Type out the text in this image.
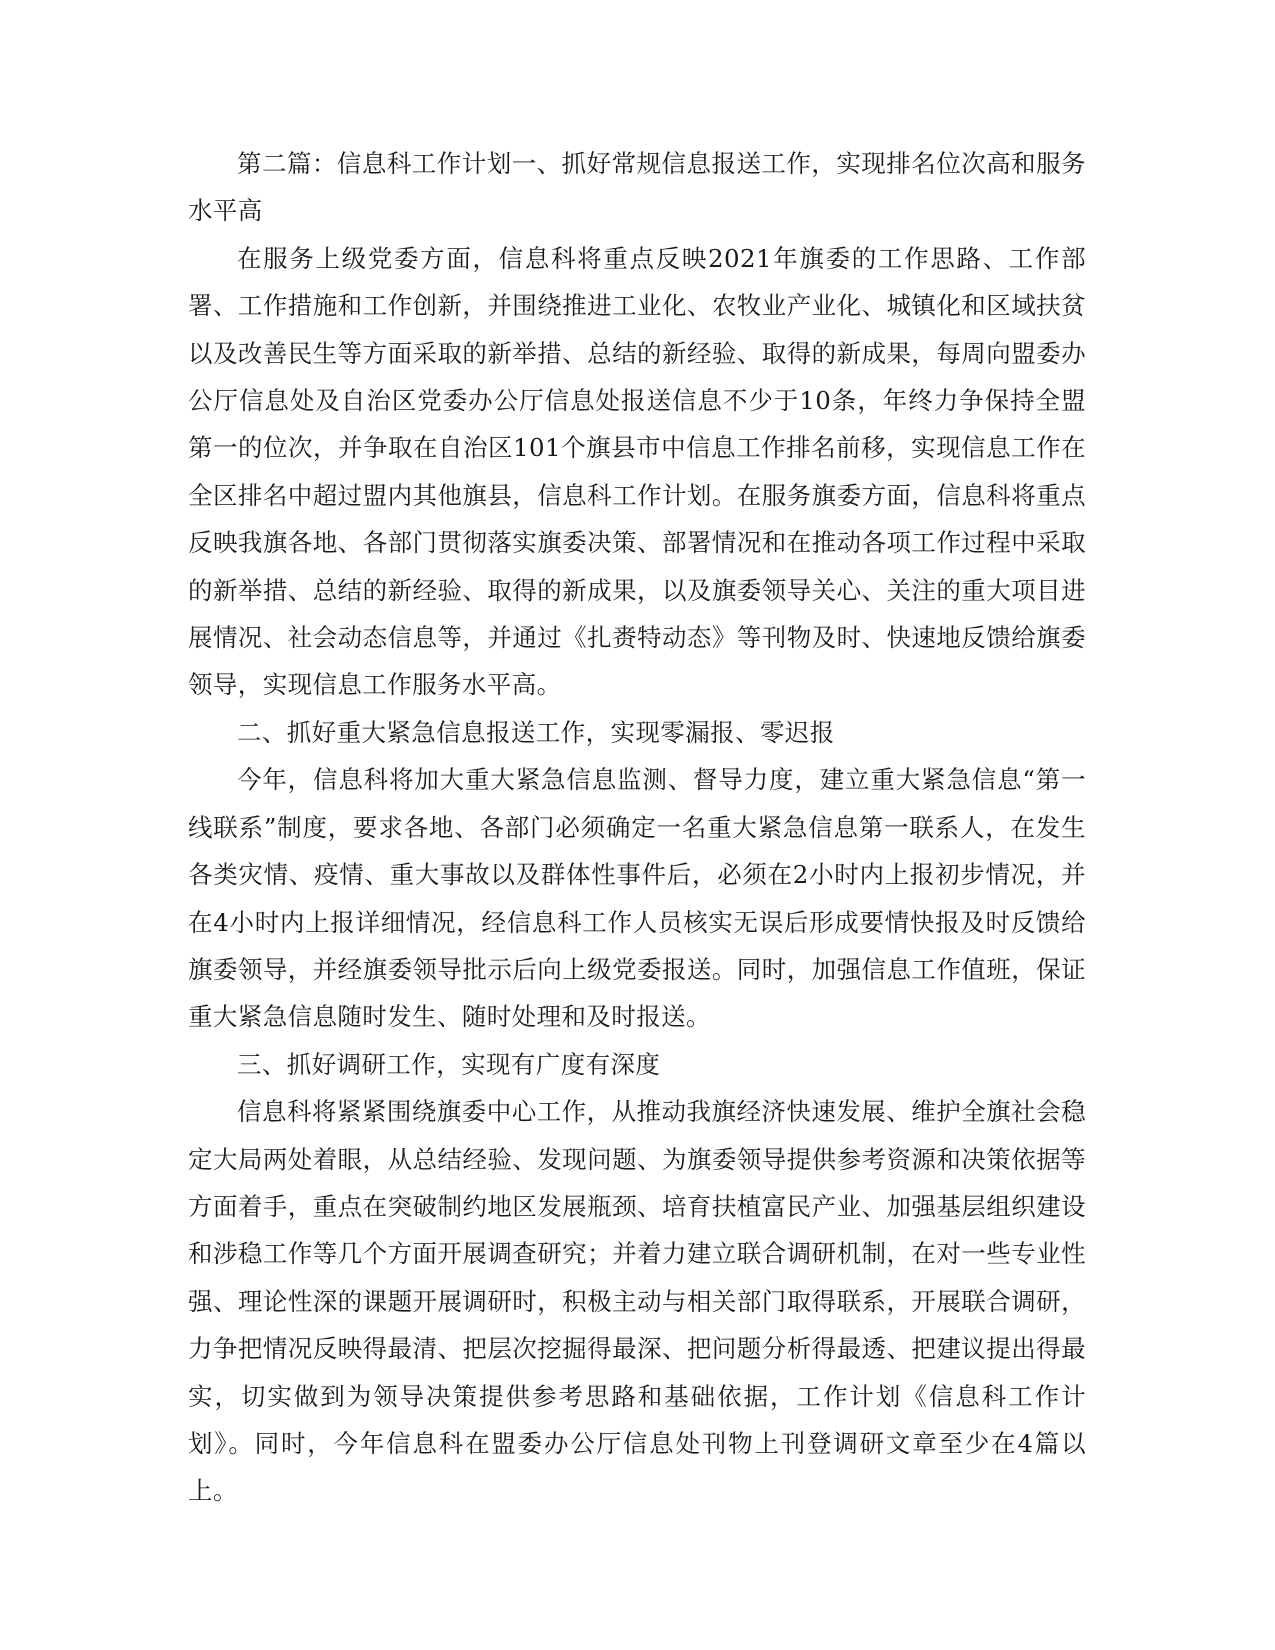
第二篇：信息科工作计划一、抓好常规信息报送工作，实现排名位次高和服务水平高

在服务上级党委方面，信息科将重点反映2021年旗委的工作思路、工作部署、工作措施和工作创新，并围绕推进工业化、农牧业产业化、城镇化和区域扶贫以及改善民生等方面采取的新举措、总结的新经验、取得的新成果，每周向盟委办公厅信息处及自治区党委办公厅信息处报送信息不少于10条，年终力争保持全盟第一的位次，并争取在自治区101个旗县市中信息工作排名前移，实现信息工作在全区排名中超过盟内其他旗县，信息科工作计划。在服务旗委方面，信息科将重点反映我旗各地、各部门贯彻落实旗委决策、部署情况和在推动各项工作过程中采取的新举措、总结的新经验、取得的新成果，以及旗委领导关心、关注的重大项目进展情况、社会动态信息等，并通过《扎赉特动态》等刊物及时、快速地反馈给旗委领导，实现信息工作服务水平高。

二、抓好重大紧急信息报送工作，实现零漏报、零迟报

今年，信息科将加大重大紧急信息监测、督导力度，建立重大紧急信息“第一线联系”制度，要求各地、各部门必须确定一名重大紧急信息第一联系人，在发生各类灾情、疫情、重大事故以及群体性事件后，必须在2小时内上报初步情况，并在4小时内上报详细情况，经信息科工作人员核实无误后形成要情快报及时反馈给旗委领导，并经旗委领导批示后向上级党委报送。同时，加强信息工作值班，保证重大紧急信息随时发生、随时处理和及时报送。

三、抓好调研工作，实现有广度有深度

信息科将紧紧围绕旗委中心工作，从推动我旗经济快速发展、维护全旗社会稳定大局两处着眼，从总结经验、发现问题、为旗委领导提供参考资源和决策依据等方面着手，重点在突破制约地区发展瓶颈、培育扶植富民产业、加强基层组织建设和涉稳工作等几个方面开展调查研究；并着力建立联合调研机制，在对一些专业性强、理论性深的课题开展调研时，积极主动与相关部门取得联系，开展联合调研，力争把情况反映得最清、把层次挖掘得最深、把问题分析得最透、把建议提出得最实，切实做到为领导决策提供参考思路和基础依据，工作计划《信息科工作计划》。同时，今年信息科在盟委办公厅信息处刊物上刊登调研文章至少在4篇以上。
